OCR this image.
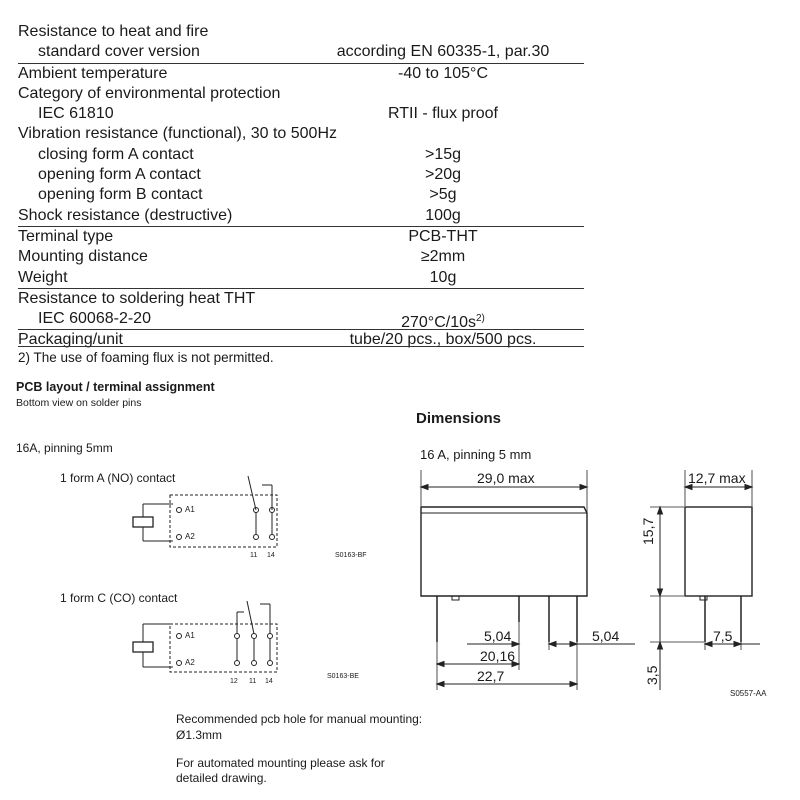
Resistance to heat and fire
standard cover version	according EN 60335-1, par.30
Ambient temperature	-40 to 105°C
Category of environmental protection
IEC 61810	RTII - flux proof
Vibration resistance (functional), 30 to 500Hz
closing form A contact	>15g
opening form A contact	>20g
opening form B contact	>5g
Shock resistance (destructive)	100g
Terminal type	PCB-THT
Mounting distance	≥2mm
Weight	10g
Resistance to soldering heat THT
IEC 60068-2-20	$270^\circ C/10s^{2)}$
Packaging/unit	tube/20 pcs., box/500 pcs.
2) The use of foaming flux is not permitted.
PCB layout / terminal assignment
Bottom view on solder pins
16A, pinning 5mm
1 form A (NO) contact
1 form C (CO) contact
Dimensions
16 A, pinning 5 mm
A1
A2
11 14	S0163-BF
A1
A2
12 11 14
S0163-BE
29,0 max	12,7 max
15,7
5,04	5,04
20,16
22,7
7,5
3,5
S0557-AA
Recommended pcb hole for manual mounting:
Ø1.3mm
For automated mounting please ask for
detailed drawing.
